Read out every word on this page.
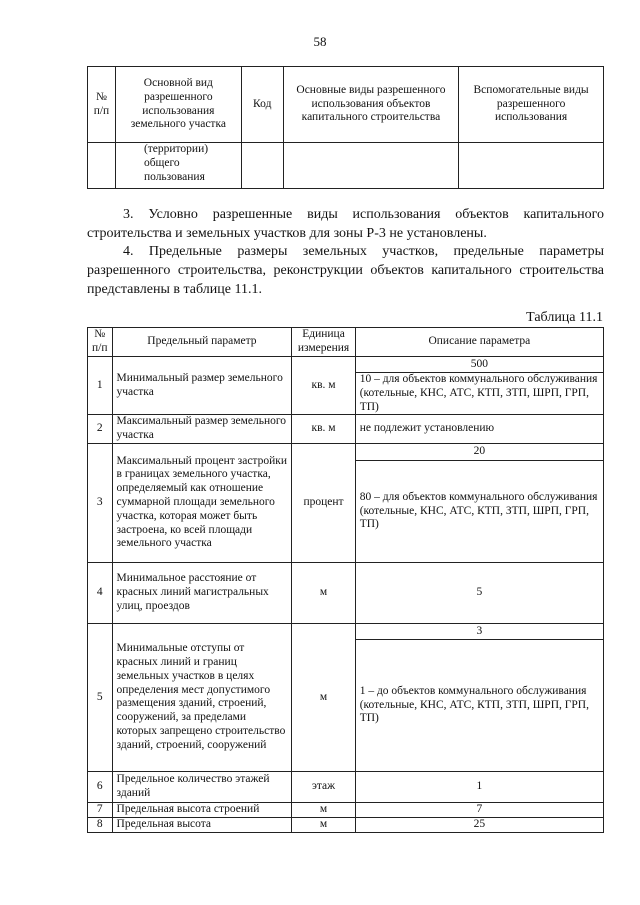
58
№ п/п	Основной вид разрешенного использования земельного участка	Код	Основные виды разрешенного использования объектов капитального строительства	Вспомогательные виды разрешенного использования
	(территории) общего пользования			
3. Условно разрешенные виды использования объектов капитального строительства и земельных участков для зоны Р-3 не установлены.
4. Предельные размеры земельных участков, предельные параметры разрешенного строительства, реконструкции объектов капитального строительства представлены в таблице 11.1.
Таблица 11.1
№ п/п	Предельный параметр	Единица измерения	Описание параметра
1	Минимальный размер земельного участка	кв. м	500
			10 – для объектов коммунального обслуживания (котельные, КНС, АТС, КТП, ЗТП, ШРП, ГРП, ТП)
2	Максимальный размер земельного участка	кв. м	не подлежит установлению
3	Максимальный процент застройки в границах земельного участка, определяемый как отношение суммарной площади земельного участка, которая может быть застроена, ко всей площади земельного участка	процент	20
			80 – для объектов коммунального обслуживания (котельные, КНС, АТС, КТП, ЗТП, ШРП, ГРП, ТП)
4	Минимальное расстояние от красных линий магистральных улиц, проездов	м	5
5	Минимальные отступы от красных линий и границ земельных участков в целях определения мест допустимого размещения зданий, строений, сооружений, за пределами которых запрещено строительство зданий, строений, сооружений	м	3
			1 – до объектов коммунального обслуживания (котельные, КНС, АТС, КТП, ЗТП, ШРП, ГРП, ТП)
6	Предельное количество этажей зданий	этаж	1
7	Предельная высота строений	м	7
8	Предельная высота	м	25
